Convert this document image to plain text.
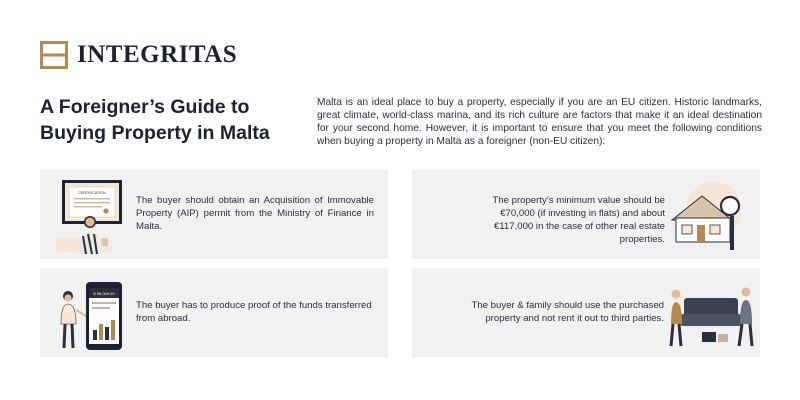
INTEGRITAS
A Foreigner’s Guide to Buying Property in Malta

Malta is an ideal place to buy a property, especially if you are an EU citizen. Historic landmarks, great climate, world-class marina, and its rich culture are factors that make it an ideal destination for your second home. However, it is important to ensure that you meet the following conditions when buying a property in Malta as a foreigner (non-EU citizen):

CERTIFICATION

The buyer should obtain an Acquisition of Immovable Property (AIP) permit from the Ministry of Finance in Malta.

The property’s minimum value should be €70,000 (if investing in flats) and about €117,000 in the case of other real estate properties.

$ 98,000.00

The buyer has to produce proof of the funds transferred from abroad.

The buyer & family should use the purchased property and not rent it out to third parties.
